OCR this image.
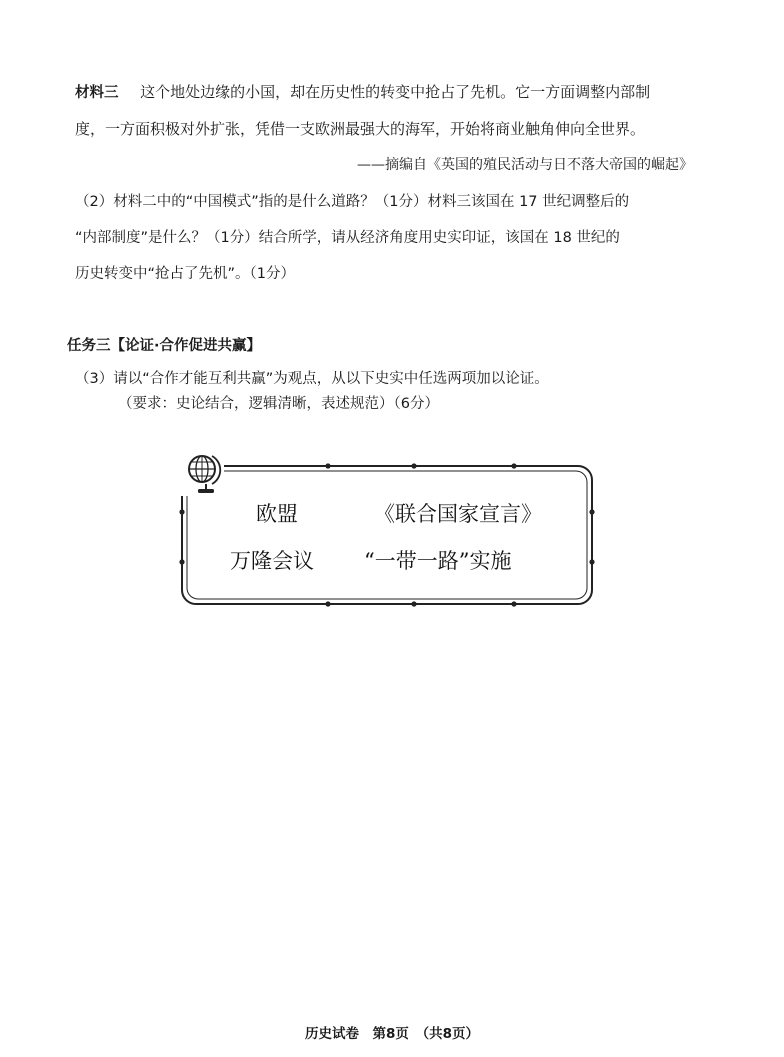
材料三 这个地处边缘的小国，却在历史性的转变中抢占了先机。它一方面调整内部制
度，一方面积极对外扩张，凭借一支欧洲最强大的海军，开始将商业触角伸向全世界。
——摘编自《英国的殖民活动与日不落大帝国的崛起》
（2）材料二中的“中国模式”指的是什么道路？（1分）材料三该国在 17 世纪调整后的
“内部制度”是什么？（1分）结合所学，请从经济角度用史实印证，该国在 18 世纪的
历史转变中“抢占了先机”。（1分）
任务三【论证·合作促进共赢】
（3）请以“合作才能互利共赢”为观点，从以下史实中任选两项加以论证。
（要求：史论结合，逻辑清晰，表述规范）（6分）
欧盟	《联合国家宣言》
万隆会议 “一带一路”实施
历史试卷　第8页　（共8页）
